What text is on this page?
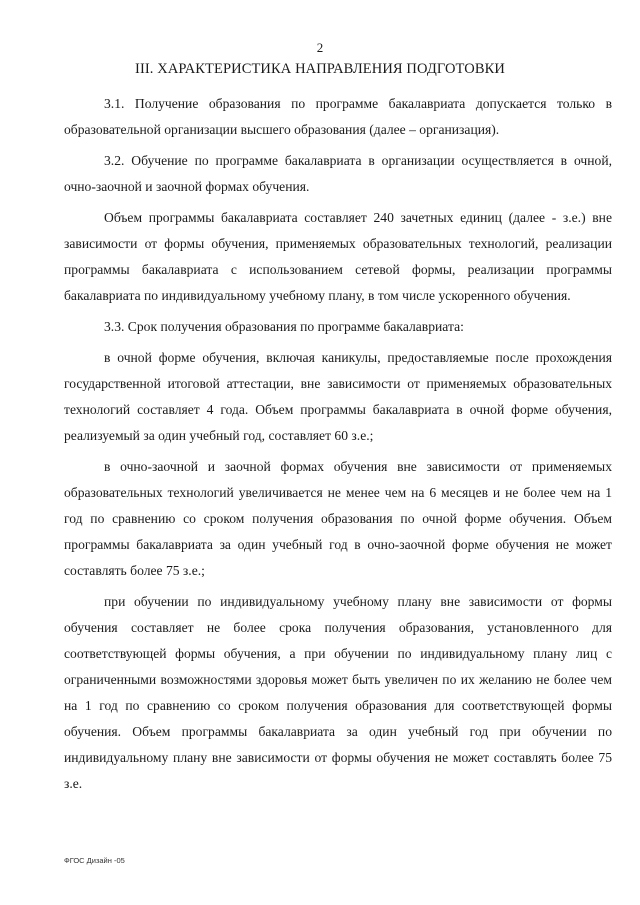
2
III. ХАРАКТЕРИСТИКА НАПРАВЛЕНИЯ ПОДГОТОВКИ

3.1. Получение образования по программе бакалавриата допускается только в образовательной организации высшего образования (далее – организация).

3.2. Обучение по программе бакалавриата в организации осуществляется в очной, очно-заочной и заочной формах обучения.

Объем программы бакалавриата составляет 240 зачетных единиц (далее - з.е.) вне зависимости от формы обучения, применяемых образовательных технологий, реализации программы бакалавриата с использованием сетевой формы, реализации программы бакалавриата по индивидуальному учебному плану, в том числе ускоренного обучения.

3.3. Срок получения образования по программе бакалавриата:

в очной форме обучения, включая каникулы, предоставляемые после прохождения государственной итоговой аттестации, вне зависимости от применяемых образовательных технологий составляет 4 года. Объем программы бакалавриата в очной форме обучения, реализуемый за один учебный год, составляет 60 з.е.;

в очно-заочной и заочной формах обучения вне зависимости от применяемых образовательных технологий увеличивается не менее чем на 6 месяцев и не более чем на 1 год по сравнению со сроком получения образования по очной форме обучения. Объем программы бакалавриата за один учебный год в очно-заочной форме обучения не может составлять более 75 з.е.;

при обучении по индивидуальному учебному плану вне зависимости от формы обучения составляет не более срока получения образования, установленного для соответствующей формы обучения, а при обучении по индивидуальному плану лиц с ограниченными возможностями здоровья может быть увеличен по их желанию не более чем на 1 год по сравнению со сроком получения образования для соответствующей формы обучения. Объем программы бакалавриата за один учебный год при обучении по индивидуальному плану вне зависимости от формы обучения не может составлять более 75 з.е.

ФГОС Дизайн -05
